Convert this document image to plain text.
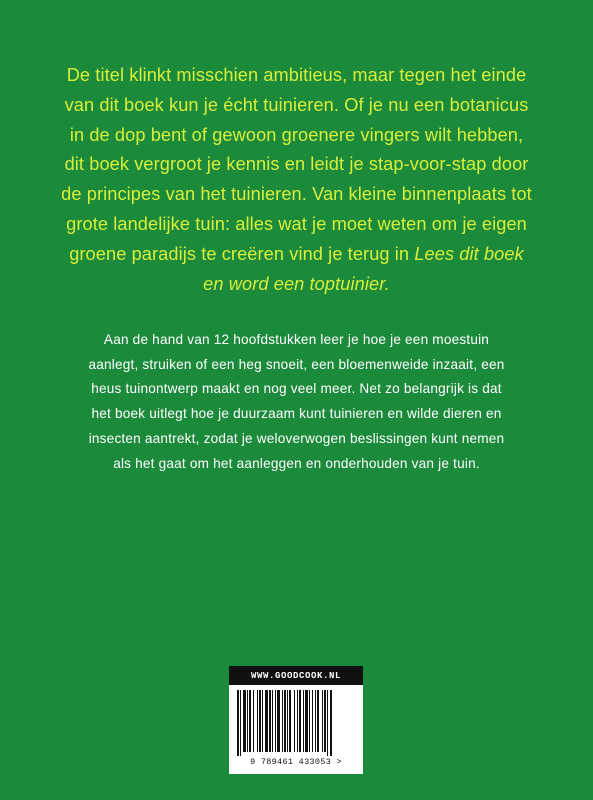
De titel klinkt misschien ambitieus, maar tegen het einde van dit boek kun je écht tuinieren. Of je nu een botanicus in de dop bent of gewoon groenere vingers wilt hebben, dit boek vergroot je kennis en leidt je stap-voor-stap door de principes van het tuinieren. Van kleine binnenplaats tot grote landelijke tuin: alles wat je moet weten om je eigen groene paradijs te creëren vind je terug in Lees dit boek en word een toptuinier.

Aan de hand van 12 hoofdstukken leer je hoe je een moestuin aanlegt, struiken of een heg snoeit, een bloemenweide inzaait, een heus tuinontwerp maakt en nog veel meer. Net zo belangrijk is dat het boek uitlegt hoe je duurzaam kunt tuinieren en wilde dieren en insecten aantrekt, zodat je weloverwogen beslissingen kunt nemen als het gaat om het aanleggen en onderhouden van je tuin.

WWW.GOODCOOK.NL
9 789461 433053 >
